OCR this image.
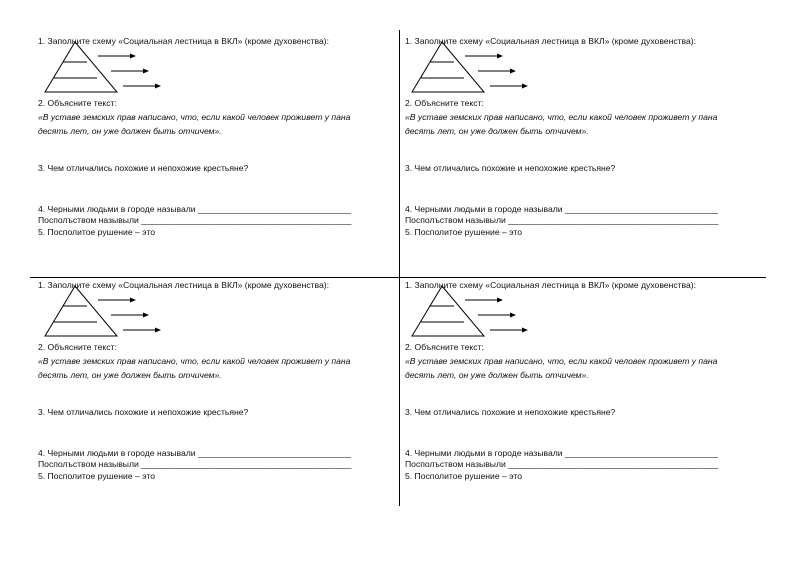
1. Заполните схему «Социальная лестница в ВКЛ» (кроме духовенства):
2. Объясните текст:
«В уставе земских прав написано, что, если какой человек проживет у пана
десять лет, он уже должен быть отчичем».
3. Чем отличались похожие и непохожие крестьяне?
4. Черными людьми в городе называли ________________________________
Посполъством назывыли ____________________________________________
5. Посполитое рушение – это
1. Заполните схему «Социальная лестница в ВКЛ» (кроме духовенства):
2. Объясните текст:
«В уставе земских прав написано, что, если какой человек проживет у пана
десять лет, он уже должен быть отчичем».
3. Чем отличались похожие и непохожие крестьяне?
4. Черными людьми в городе называли ________________________________
Посполъством назывыли ____________________________________________
5. Посполитое рушение – это
1. Заполните схему «Социальная лестница в ВКЛ» (кроме духовенства):
2. Объясните текст:
«В уставе земских прав написано, что, если какой человек проживет у пана
десять лет, он уже должен быть отчичем».
3. Чем отличались похожие и непохожие крестьяне?
4. Черными людьми в городе называли ________________________________
Посполъством назывыли ____________________________________________
5. Посполитое рушение – это
1. Заполните схему «Социальная лестница в ВКЛ» (кроме духовенства):
2. Объясните текст:
«В уставе земских прав написано, что, если какой человек проживет у пана
десять лет, он уже должен быть отчичем».
3. Чем отличались похожие и непохожие крестьяне?
4. Черными людьми в городе называли ________________________________
Посполъством назывыли ____________________________________________
5. Посполитое рушение – это
